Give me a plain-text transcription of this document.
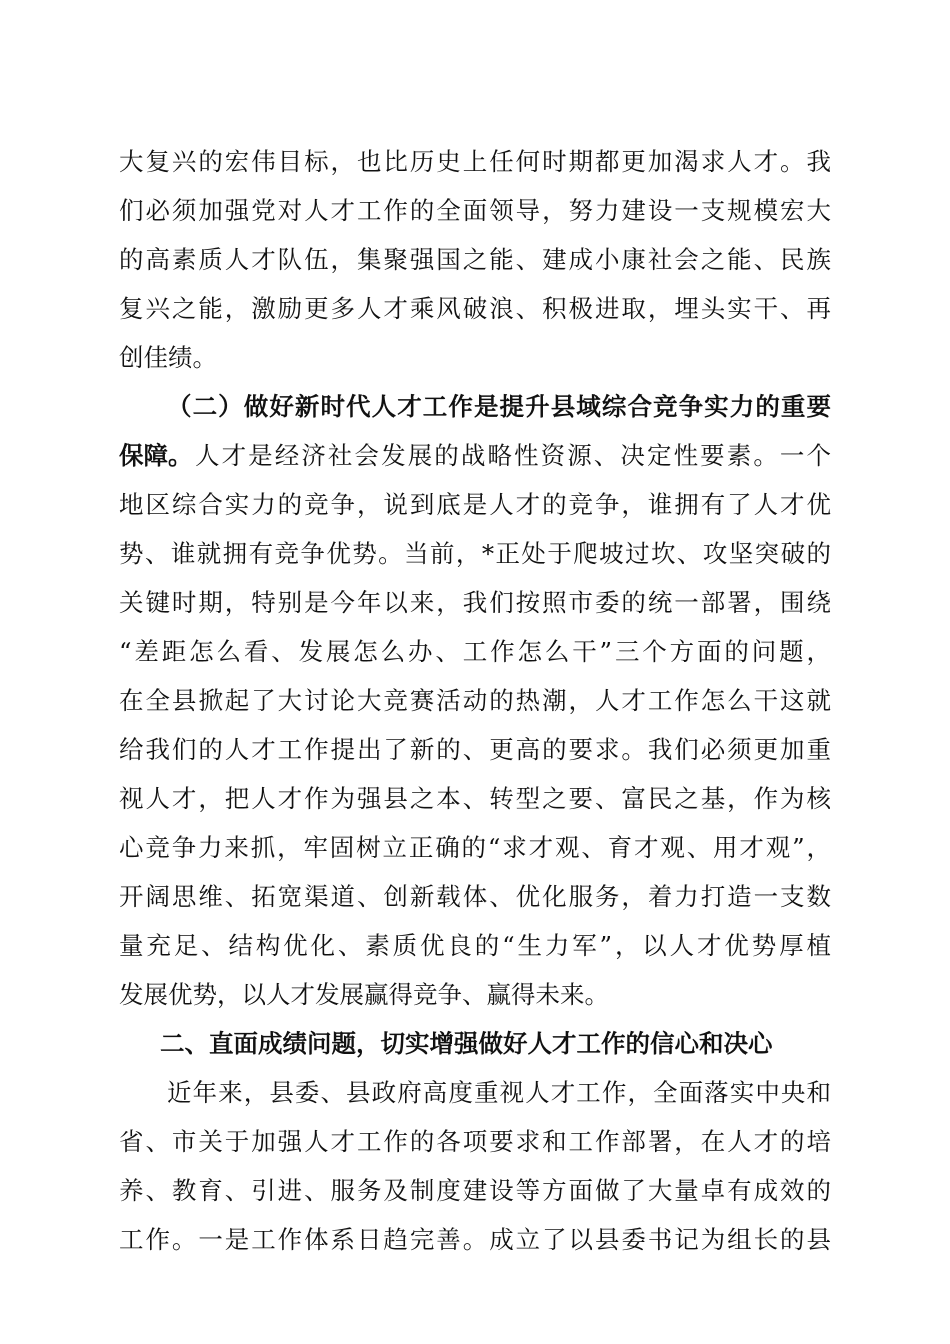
大复兴的宏伟目标，也比历史上任何时期都更加渴求人才。我
们必须加强党对人才工作的全面领导，努力建设一支规模宏大
的高素质人才队伍，集聚强国之能、建成小康社会之能、民族
复兴之能，激励更多人才乘风破浪、积极进取，埋头实干、再
创佳绩。
（二）做好新时代人才工作是提升县域综合竞争实力的重要
保障。 人才是经济社会发展的战略性资源、决定性要素。一个
地区综合实力的竞争，说到底是人才的竞争，谁拥有了人才优
势、谁就拥有竞争优势。当前，*正处于爬坡过坎、攻坚突破的
关键时期，特别是今年以来，我们按照市委的统一部署，围绕
“差距怎么看、发展怎么办、工作怎么干”三个方面的问题，
在全县掀起了大讨论大竞赛活动的热潮，人才工作怎么干这就
给我们的人才工作提出了新的、更高的要求。我们必须更加重
视人才，把人才作为强县之本、转型之要、富民之基，作为核
心竞争力来抓，牢固树立正确的“求才观、育才观、用才观”，
开阔思维、拓宽渠道、创新载体、优化服务，着力打造一支数
量充足、结构优化、素质优良的“生力军”，以人才优势厚植
发展优势，以人才发展赢得竞争、赢得未来。
二、直面成绩问题，切实增强做好人才工作的信心和决心
近年来，县委、县政府高度重视人才工作，全面落实中央和
省、市关于加强人才工作的各项要求和工作部署，在人才的培
养、教育、引进、服务及制度建设等方面做了大量卓有成效的
工作。一是工作体系日趋完善。成立了以县委书记为组长的县
